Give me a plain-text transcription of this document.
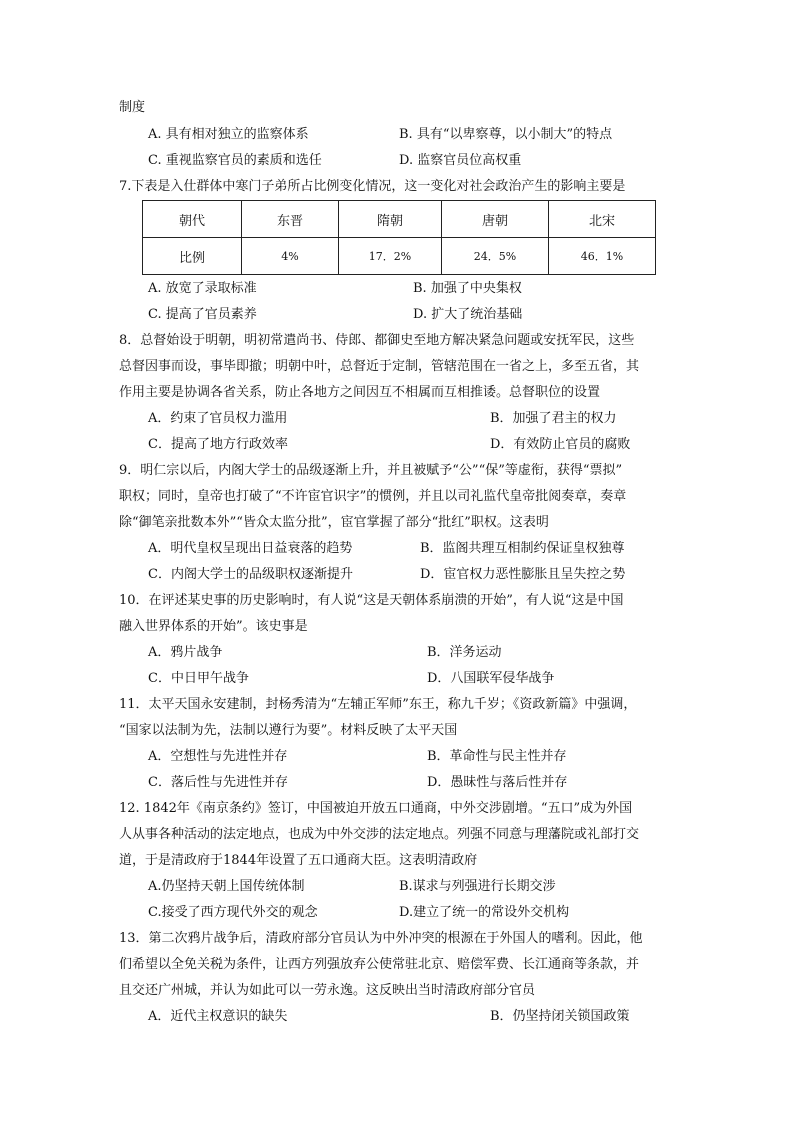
制度
A. 具有相对独立的监察体系	B. 具有“以卑察尊，以小制大”的特点
C. 重视监察官员的素质和选任	D. 监察官员位高权重
7.下表是入仕群体中寒门子弟所占比例变化情况，这一变化对社会政治产生的影响主要是
朝代	东晋	隋朝	唐朝	北宋
比例	4%	17．2%	24．5%	46．1%
A. 放宽了录取标准	B. 加强了中央集权
C. 提高了官员素养	D. 扩大了统治基础
8．总督始设于明朝，明初常遣尚书、侍郎、都御史至地方解决紧急问题或安抚军民，这些
总督因事而设，事毕即撤；明朝中叶，总督近于定制，管辖范围在一省之上，多至五省，其
作用主要是协调各省关系，防止各地方之间因互不相属而互相推诿。总督职位的设置
A．约束了官员权力滥用	B．加强了君主的权力
C．提高了地方行政效率	D．有效防止官员的腐败
9．明仁宗以后，内阁大学士的品级逐渐上升，并且被赋予“公”“保”等虚衔，获得“票拟”
职权；同时，皇帝也打破了“不许宦官识字”的惯例，并且以司礼监代皇帝批阅奏章，奏章
除“御笔亲批数本外”“皆众太监分批”，宦官掌握了部分“批红”职权。这表明
A．明代皇权呈现出日益衰落的趋势	B．监阁共理互相制约保证皇权独尊
C．内阁大学士的品级职权逐渐提升	D．宦官权力恶性膨胀且呈失控之势
10．在评述某史事的历史影响时，有人说“这是天朝体系崩溃的开始”，有人说“这是中国
融入世界体系的开始”。该史事是
A．鸦片战争	B．洋务运动
C．中日甲午战争	D．八国联军侵华战争
11．太平天国永安建制，封杨秀清为“左辅正军师”东王，称九千岁；《资政新篇》中强调，
“国家以法制为先，法制以遵行为要”。材料反映了太平天国
A．空想性与先进性并存	B．革命性与民主性并存
C．落后性与先进性并存	D．愚昧性与落后性并存
12. 1842年《南京条约》签订，中国被迫开放五口通商，中外交涉剧增。“五口”成为外国
人从事各种活动的法定地点，也成为中外交涉的法定地点。列强不同意与理藩院或礼部打交
道，于是清政府于1844年设置了五口通商大臣。这表明清政府
A.仍坚持天朝上国传统体制	B.谋求与列强进行长期交涉
C.接受了西方现代外交的观念	D.建立了统一的常设外交机构
13．第二次鸦片战争后，清政府部分官员认为中外冲突的根源在于外国人的嗜利。因此，他
们希望以全免关税为条件，让西方列强放弃公使常驻北京、赔偿军费、长江通商等条款，并
且交还广州城，并认为如此可以一劳永逸。这反映出当时清政府部分官员
A．近代主权意识的缺失	B．仍坚持闭关锁国政策
